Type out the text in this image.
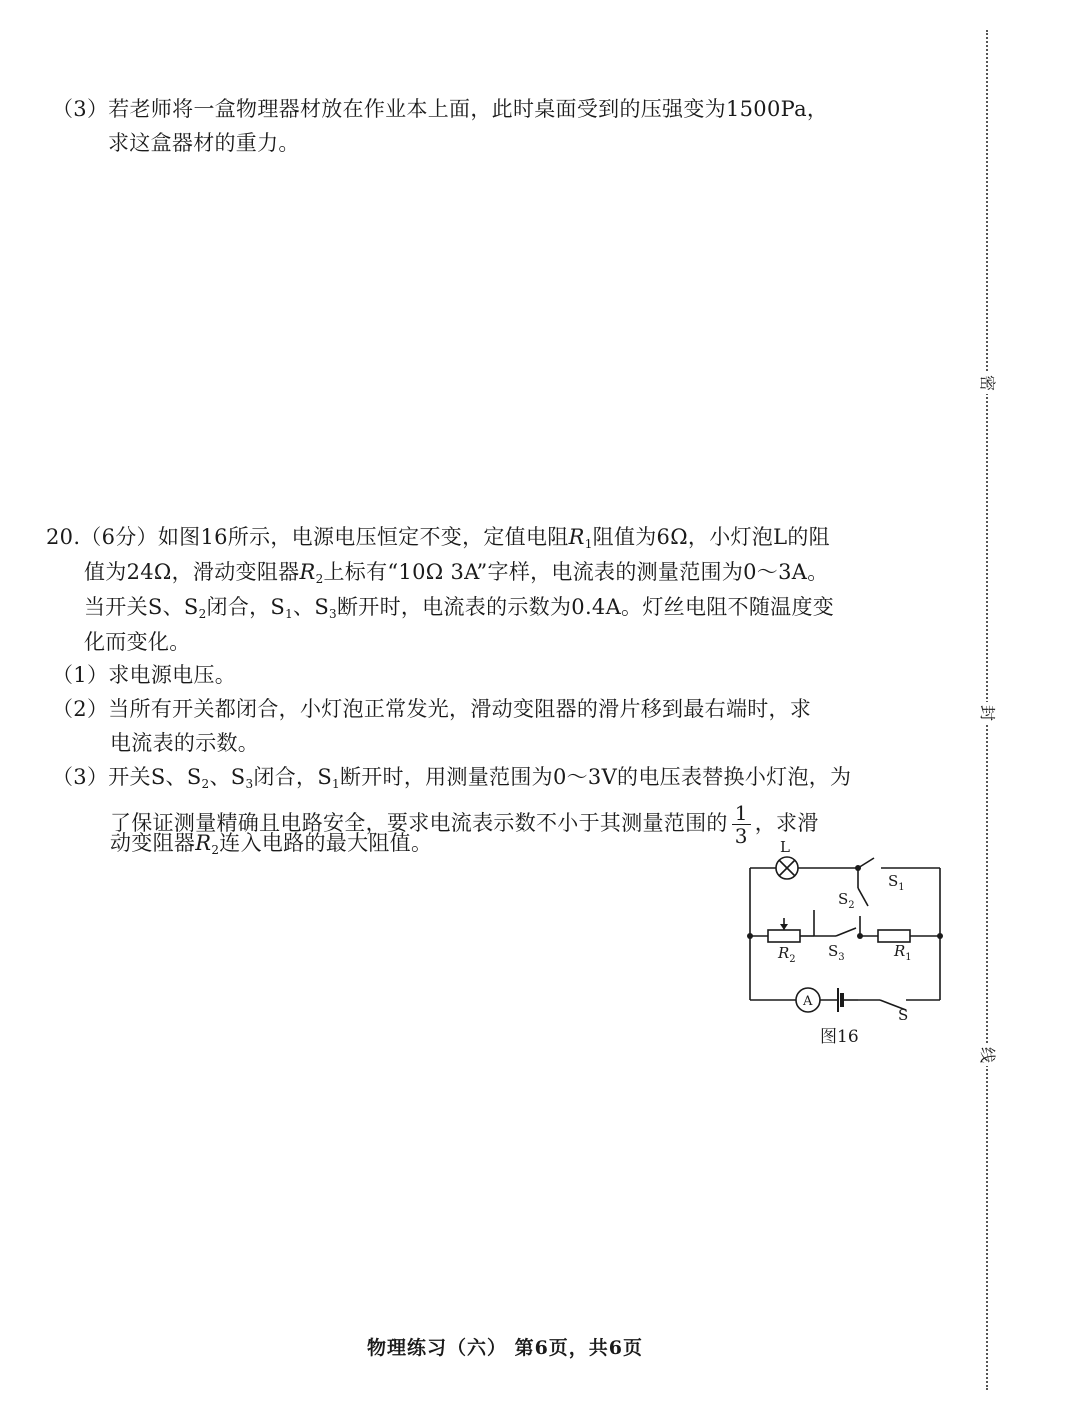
（3）若老师将一盒物理器材放在作业本上面，此时桌面受到的压强变为1500Pa，
求这盒器材的重力。
20.（6分）如图16所示，电源电压恒定不变，定值电阻$R_1$阻值为6Ω，小灯泡L的阻
值为24Ω，滑动变阻器$R_2$上标有“10Ω 3A”字样，电流表的测量范围为0～3A。
当开关S、$S_2$闭合，$S_1$、$S_3$断开时，电流表的示数为0.4A。灯丝电阻不随温度变
化而变化。
（1）求电源电压。
（2）当所有开关都闭合，小灯泡正常发光，滑动变阻器的滑片移到最右端时，求
电流表的示数。
（3）开关S、$S_2$、$S_3$闭合，$S_1$断开时，用测量范围为0～3V的电压表替换小灯泡，为
了保证测量精确且电路安全，要求电流表示数不小于其测量范围的 $\frac{1}{3}$ ，求滑
动变阻器$R_2$连入电路的最大阻值。	L
$S_1$
$S_2$
$S_3$	$R_1$
$R_2$
A
S
图16
密
封
线
物理练习（六） 第6页，共6页
